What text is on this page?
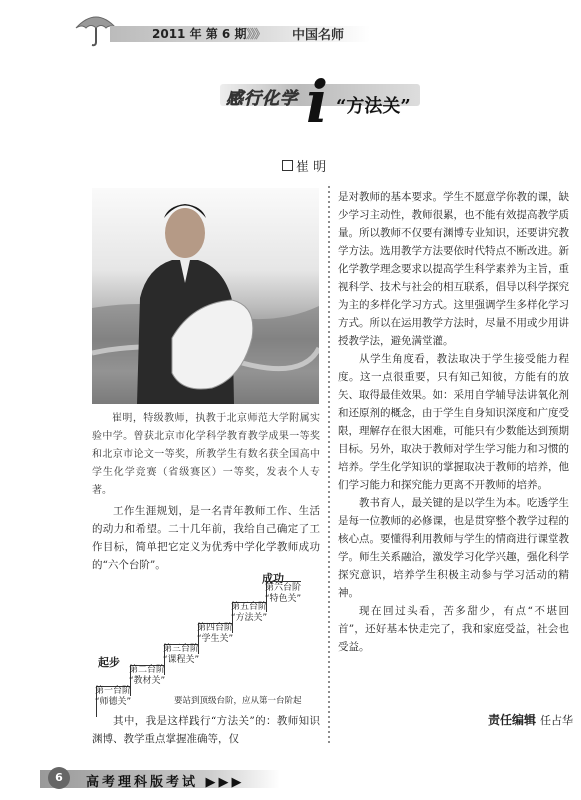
2011 年 第 6 期 》》》 中国名师
感行化学 i “方法关”
崔 明

崔明，特级教师，执教于北京师范大学附属实验中学。曾获北京市化学科学教育教学成果一等奖和北京市论文一等奖，所教学生有数名获全国高中学生化学竞赛（省级赛区）一等奖，发表个人专著。

工作生涯规划，是一名青年教师工作、生活的动力和希望。二十几年前，我给自己确定了工作目标，简单把它定义为优秀中学化学教师成功的“六个台阶”。

成功
起步
第一台阶
“师德关”
第二台阶
“教材关”
第三台阶
“课程关”
第四台阶
“学生关”
第五台阶
“方法关”
第六台阶
“特色关”
要站到顶级台阶，应从第一台阶起

其中，我是这样践行“方法关”的：教师知识渊博、教学重点掌握准确等，仅

是对教师的基本要求。学生不愿意学你教的课，缺少学习主动性，教师很累，也不能有效提高教学质量。所以教师不仅要有渊博专业知识，还要讲究教学方法。选用教学方法要依时代特点不断改进。新化学教学理念要求以提高学生科学素养为主旨，重视科学、技术与社会的相互联系，倡导以科学探究为主的多样化学习方式。这里强调学生多样化学习方式。所以在运用教学方法时，尽量不用或少用讲授教学法，避免满堂灌。

从学生角度看，教法取决于学生接受能力程度。这一点很重要，只有知己知彼，方能有的放矢、取得最佳效果。如：采用自学辅导法讲氧化剂和还原剂的概念，由于学生自身知识深度和广度受限，理解存在很大困难，可能只有少数能达到预期目标。另外，取决于教师对学生学习能力和习惯的培养。学生化学知识的掌握取决于教师的培养，他们学习能力和探究能力更离不开教师的培养。

教书育人，最关键的是以学生为本。吃透学生是每一位教师的必修课，也是贯穿整个教学过程的核心点。要懂得利用教师与学生的情商进行课堂教学。师生关系融洽，激发学习化学兴趣，强化科学探究意识，培养学生积极主动参与学习活动的精神。

现在回过头看，苦多甜少，有点“不堪回首”，还好基本快走完了，我和家庭受益，社会也受益。

责任编辑 任占华
6	高考理科版考试 ▶▶▶
